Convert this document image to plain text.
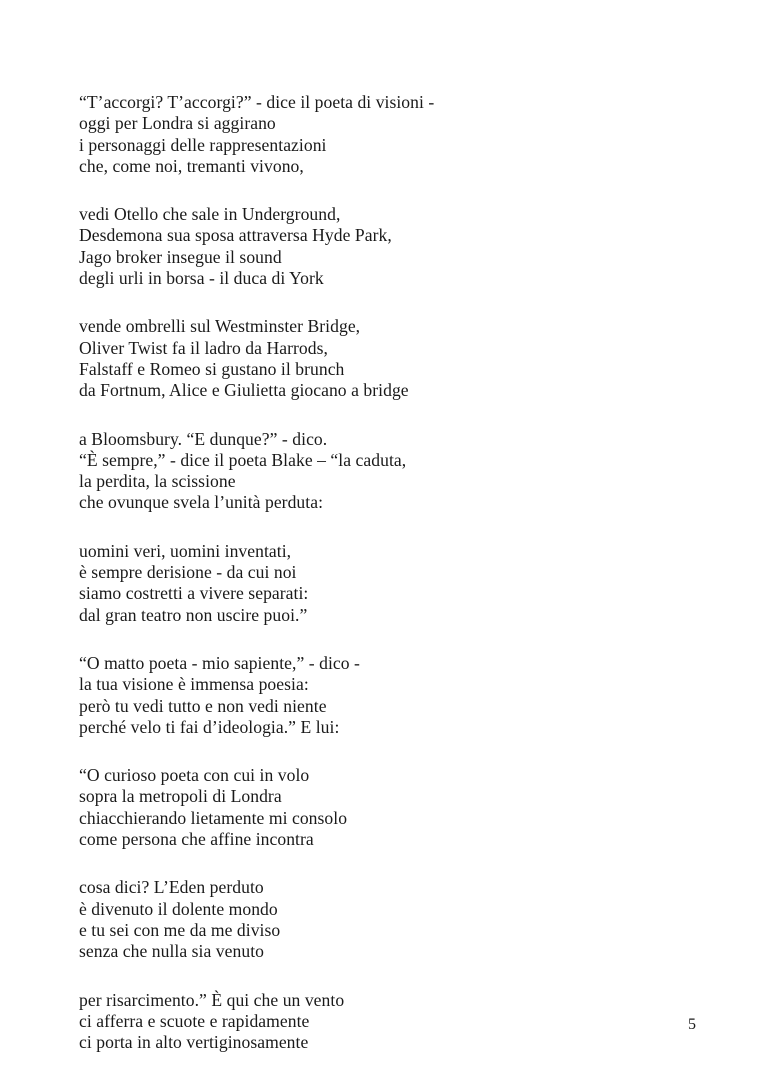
“T’accorgi? T’accorgi?” - dice il poeta di visioni -
oggi per Londra si aggirano
i personaggi delle rappresentazioni
che, come noi, tremanti vivono,
vedi Otello che sale in Underground,
Desdemona sua sposa attraversa Hyde Park,
Jago broker insegue il sound
degli urli in borsa - il duca di York
vende ombrelli sul Westminster Bridge,
Oliver Twist fa il ladro da Harrods,
Falstaff e Romeo si gustano il brunch
da Fortnum, Alice e Giulietta giocano a bridge
a Bloomsbury. “E dunque?” - dico.
“È sempre,” - dice il poeta Blake – “la caduta,
la perdita, la scissione
che ovunque svela l’unità perduta:
uomini veri, uomini inventati,
è sempre derisione - da cui noi
siamo costretti a vivere separati:
dal gran teatro non uscire puoi.”
“O matto poeta - mio sapiente,” - dico -
la tua visione è immensa poesia:
però tu vedi tutto e non vedi niente
perché velo ti fai d’ideologia.” E lui:
“O curioso poeta con cui in volo
sopra la metropoli di Londra
chiacchierando lietamente mi consolo
come persona che affine incontra
cosa dici? L’Eden perduto
è divenuto il dolente mondo
e tu sei con me da me diviso
senza che nulla sia venuto
per risarcimento.” È qui che un vento
ci afferra e scuote e rapidamente
ci porta in alto vertiginosamente
5
